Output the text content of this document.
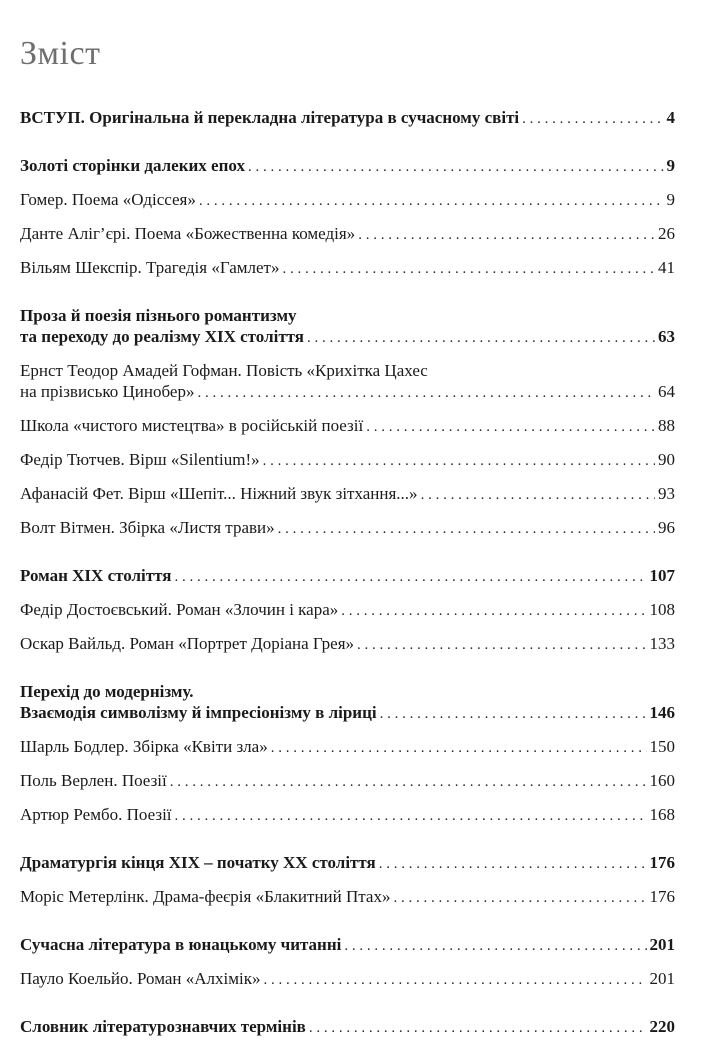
Зміст
ВСТУП. Оригінальна й перекладна література в сучасному світі . . .	4
Золоті сторінки далеких епох . . .	9
Гомер. Поема «Одіссея» . . .	9
Данте Аліг’єрі. Поема «Божественна комедія» . . .	26
Вільям Шекспір. Трагедія «Гамлет» . . .	41
Проза й поезія пізнього романтизму
та переходу до реалізму XIX століття . . .	63
Ернст Теодор Амадей Гофман. Повість «Крихітка Цахес
на прізвисько Цинобер» . . .	64
Школа «чистого мистецтва» в російській поезії . . .	88
Федір Тютчев. Вірш «Silentium!» . . .	90
Афанасій Фет. Вірш «Шепіт... Ніжний звук зітхання...» . . .	93
Волт Вітмен. Збірка «Листя трави» . . .	96
Роман XIX століття . . .	107
Федір Достоєвський. Роман «Злочин і кара» . . .	108
Оскар Вайльд. Роман «Портрет Доріана Грея» . . .	133
Перехід до модернізму.
Взаємодія символізму й імпресіонізму в ліриці . . .	146
Шарль Бодлер. Збірка «Квіти зла» . . .	150
Поль Верлен. Поезії . . .	160
Артюр Рембо. Поезії . . .	168
Драматургія кінця XIX – початку XX століття . . .	176
Моріс Метерлінк. Драма-феєрія «Блакитний Птах» . . .	176
Сучасна література в юнацькому читанні . . .	201
Пауло Коельйо. Роман «Алхімік» . . .	201
Словник літературознавчих термінів . . .	220
